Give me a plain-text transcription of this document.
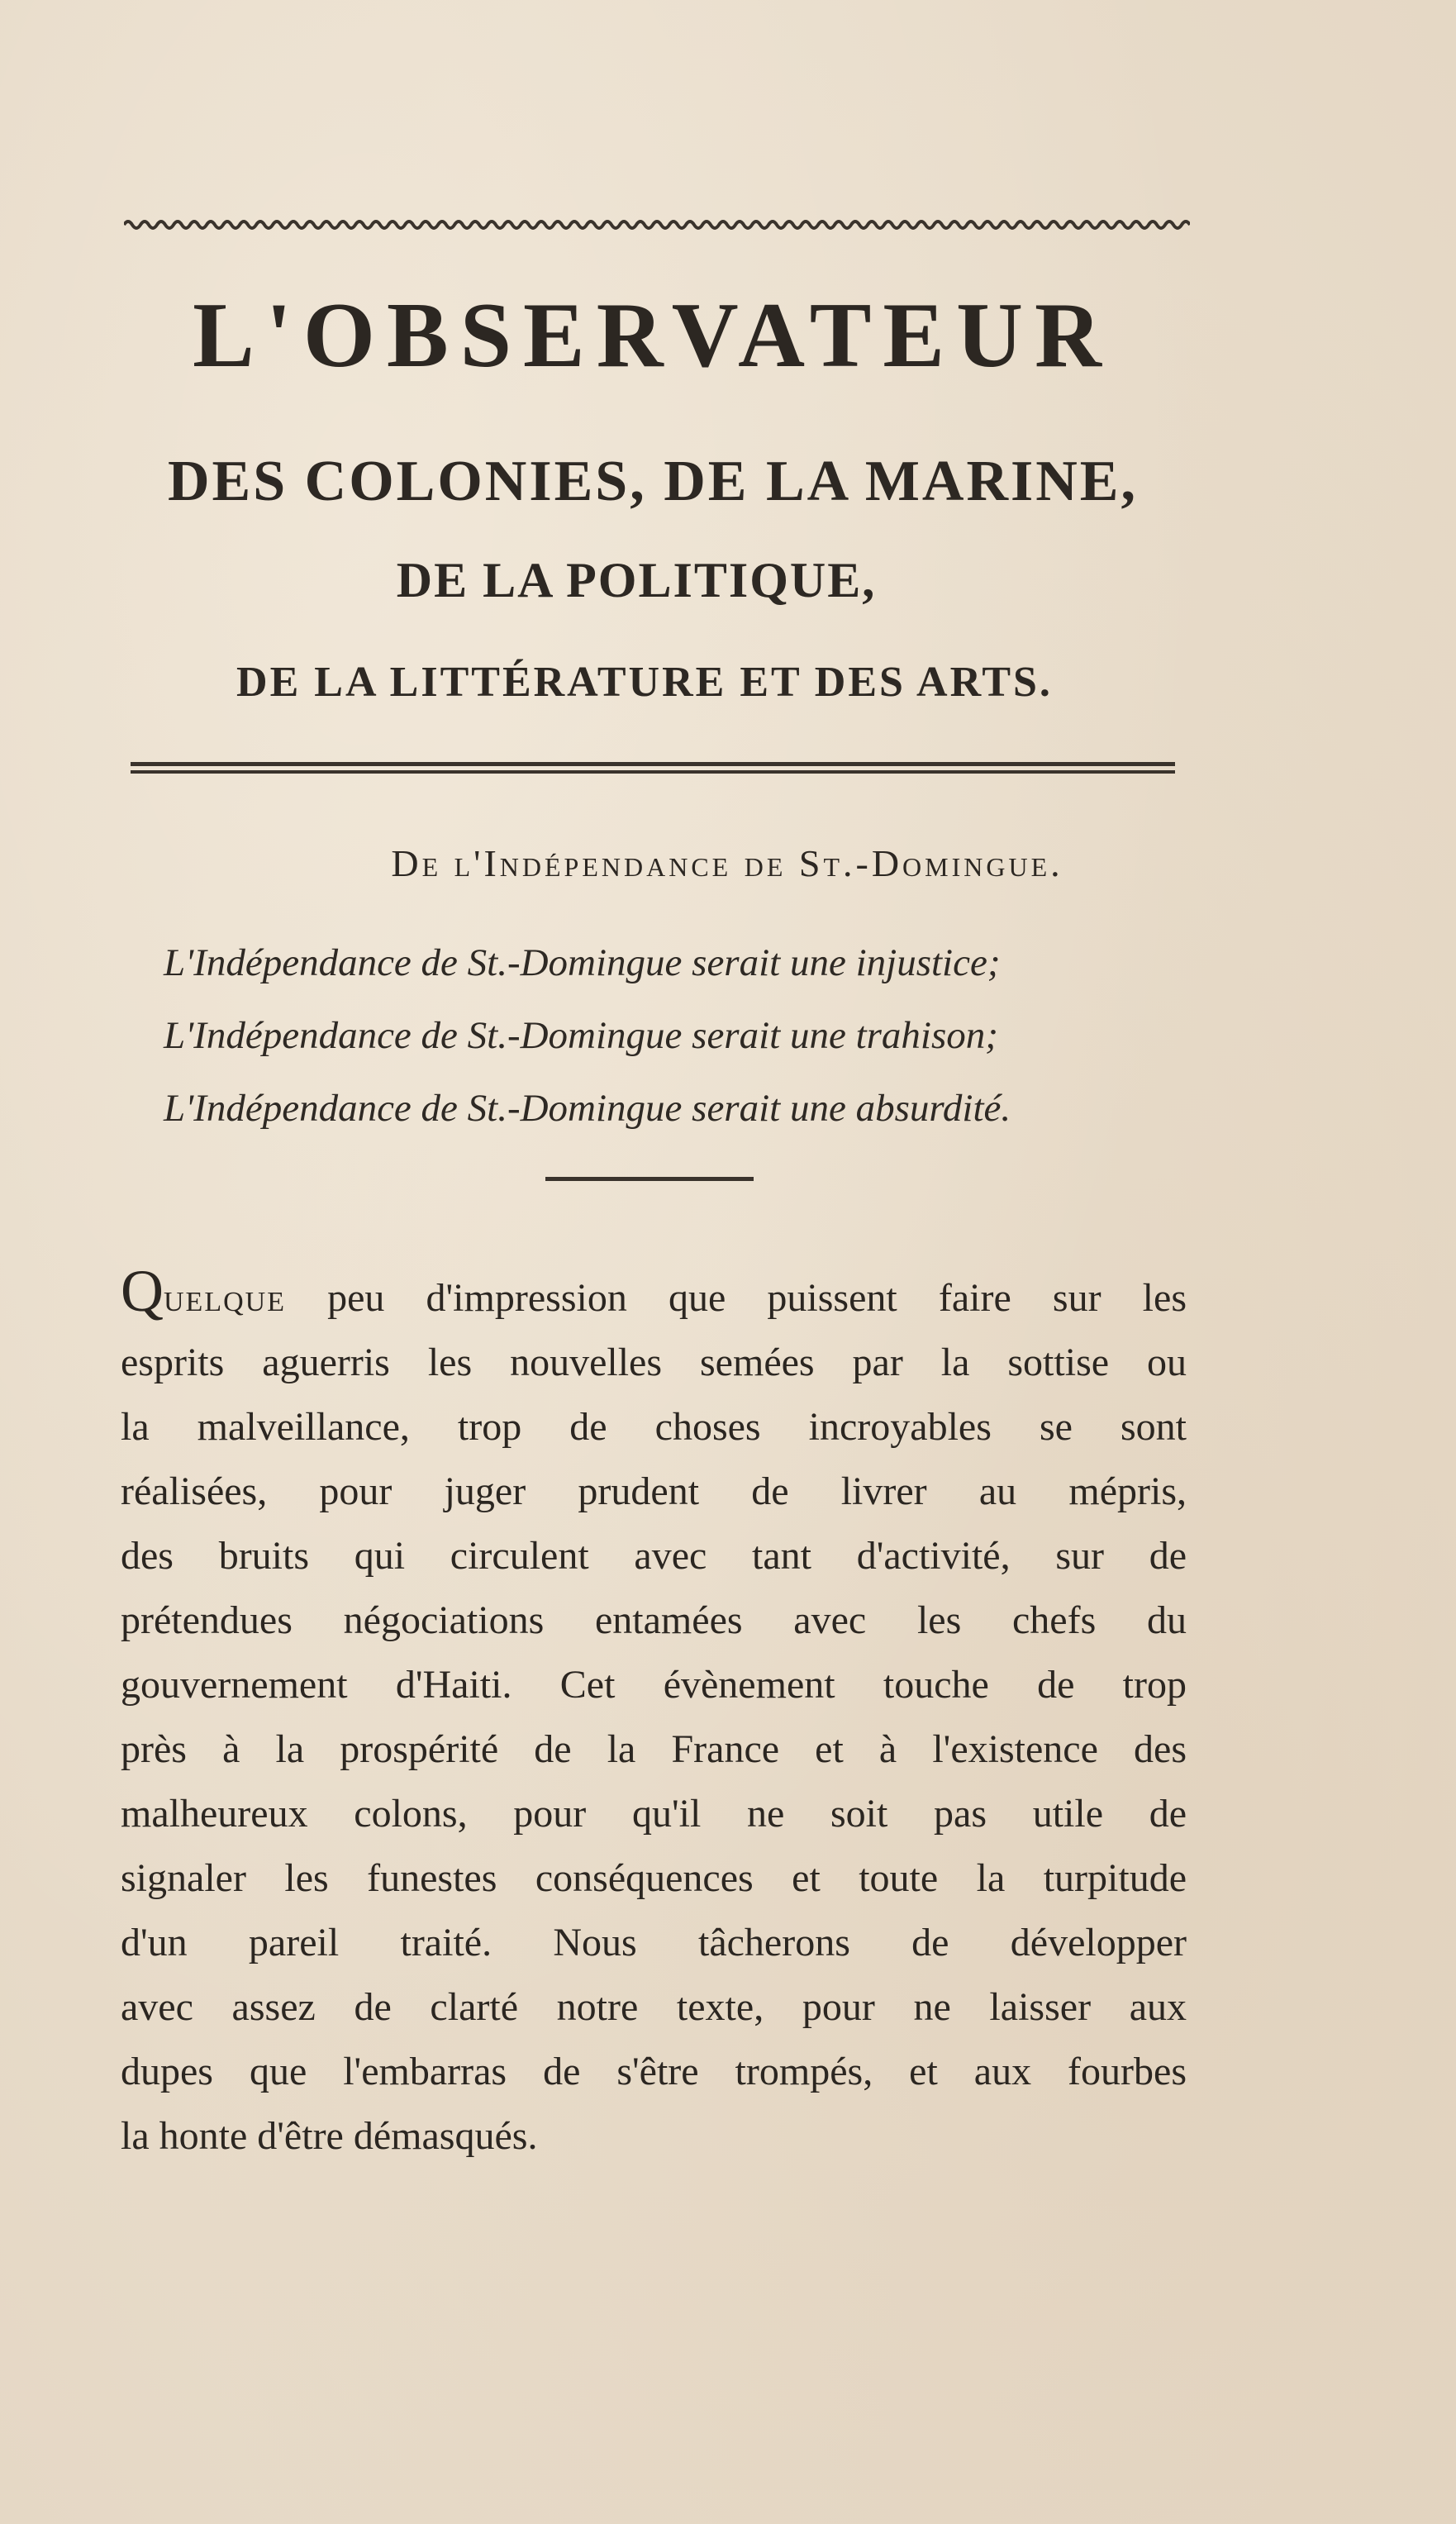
L'OBSERVATEUR
DES COLONIES, DE LA MARINE,
DE LA POLITIQUE,
DE LA LITTÉRATURE ET DES ARTS.
De l'Indépendance de St.-Domingue.
L'Indépendance de St.-Domingue serait une injustice;
L'Indépendance de St.-Domingue serait une trahison;
L'Indépendance de St.-Domingue serait une absurdité.
Quelque peu d'impression que puissent faire sur les
esprits aguerris les nouvelles semées par la sottise ou
la malveillance, trop de choses incroyables se sont
réalisées, pour juger prudent de livrer au mépris,
des bruits qui circulent avec tant d'activité, sur de
prétendues négociations entamées avec les chefs du
gouvernement d'Haiti. Cet évènement touche de trop
près à la prospérité de la France et à l'existence des
malheureux colons, pour qu'il ne soit pas utile de
signaler les funestes conséquences et toute la turpitude
d'un pareil traité. Nous tâcherons de développer
avec assez de clarté notre texte, pour ne laisser aux
dupes que l'embarras de s'être trompés, et aux fourbes
la honte d'être démasqués.
